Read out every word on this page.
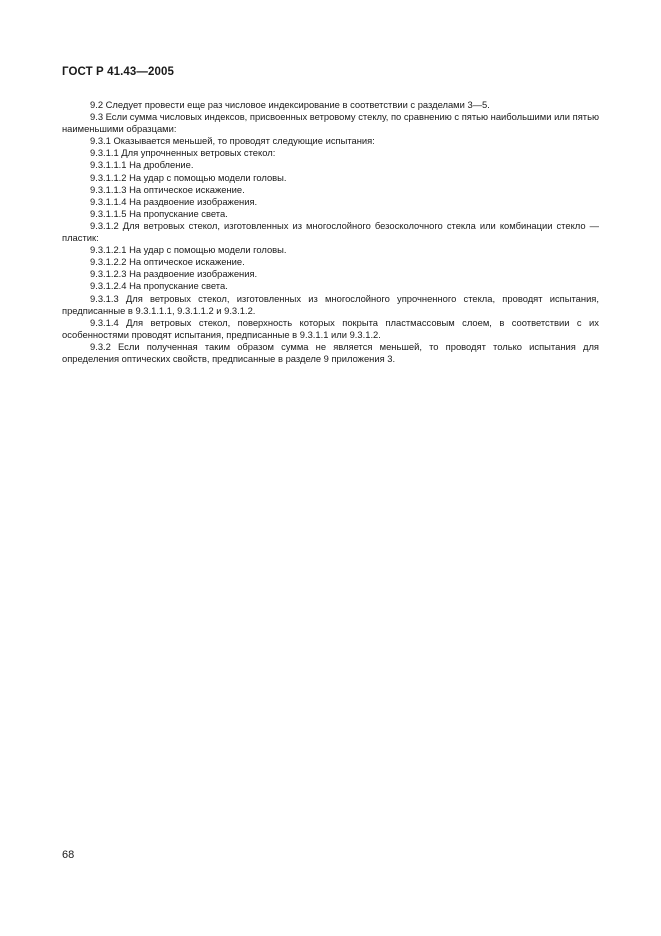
ГОСТ Р 41.43—2005

9.2 Следует провести еще раз числовое индексирование в соответствии с разделами 3—5.

9.3 Если сумма числовых индексов, присвоенных ветровому стеклу, по сравнению с пятью наибольшими или пятью наименьшими образцами:

9.3.1 Оказывается меньшей, то проводят следующие испытания:

9.3.1.1 Для упрочненных ветровых стекол:

9.3.1.1.1 На дробление.

9.3.1.1.2 На удар с помощью модели головы.

9.3.1.1.3 На оптическое искажение.

9.3.1.1.4 На раздвоение изображения.

9.3.1.1.5 На пропускание света.

9.3.1.2 Для ветровых стекол, изготовленных из многослойного безосколочного стекла или комбинации стекло — пластик:

9.3.1.2.1 На удар с помощью модели головы.

9.3.1.2.2 На оптическое искажение.

9.3.1.2.3 На раздвоение изображения.

9.3.1.2.4 На пропускание света.

9.3.1.3 Для ветровых стекол, изготовленных из многослойного упрочненного стекла, проводят испытания, предписанные в 9.3.1.1.1, 9.3.1.1.2 и 9.3.1.2.

9.3.1.4 Для ветровых стекол, поверхность которых покрыта пластмассовым слоем, в соответствии с их особенностями проводят испытания, предписанные в 9.3.1.1 или 9.3.1.2.

9.3.2 Если полученная таким образом сумма не является меньшей, то проводят только испытания для определения оптических свойств, предписанные в разделе 9 приложения 3.

68
